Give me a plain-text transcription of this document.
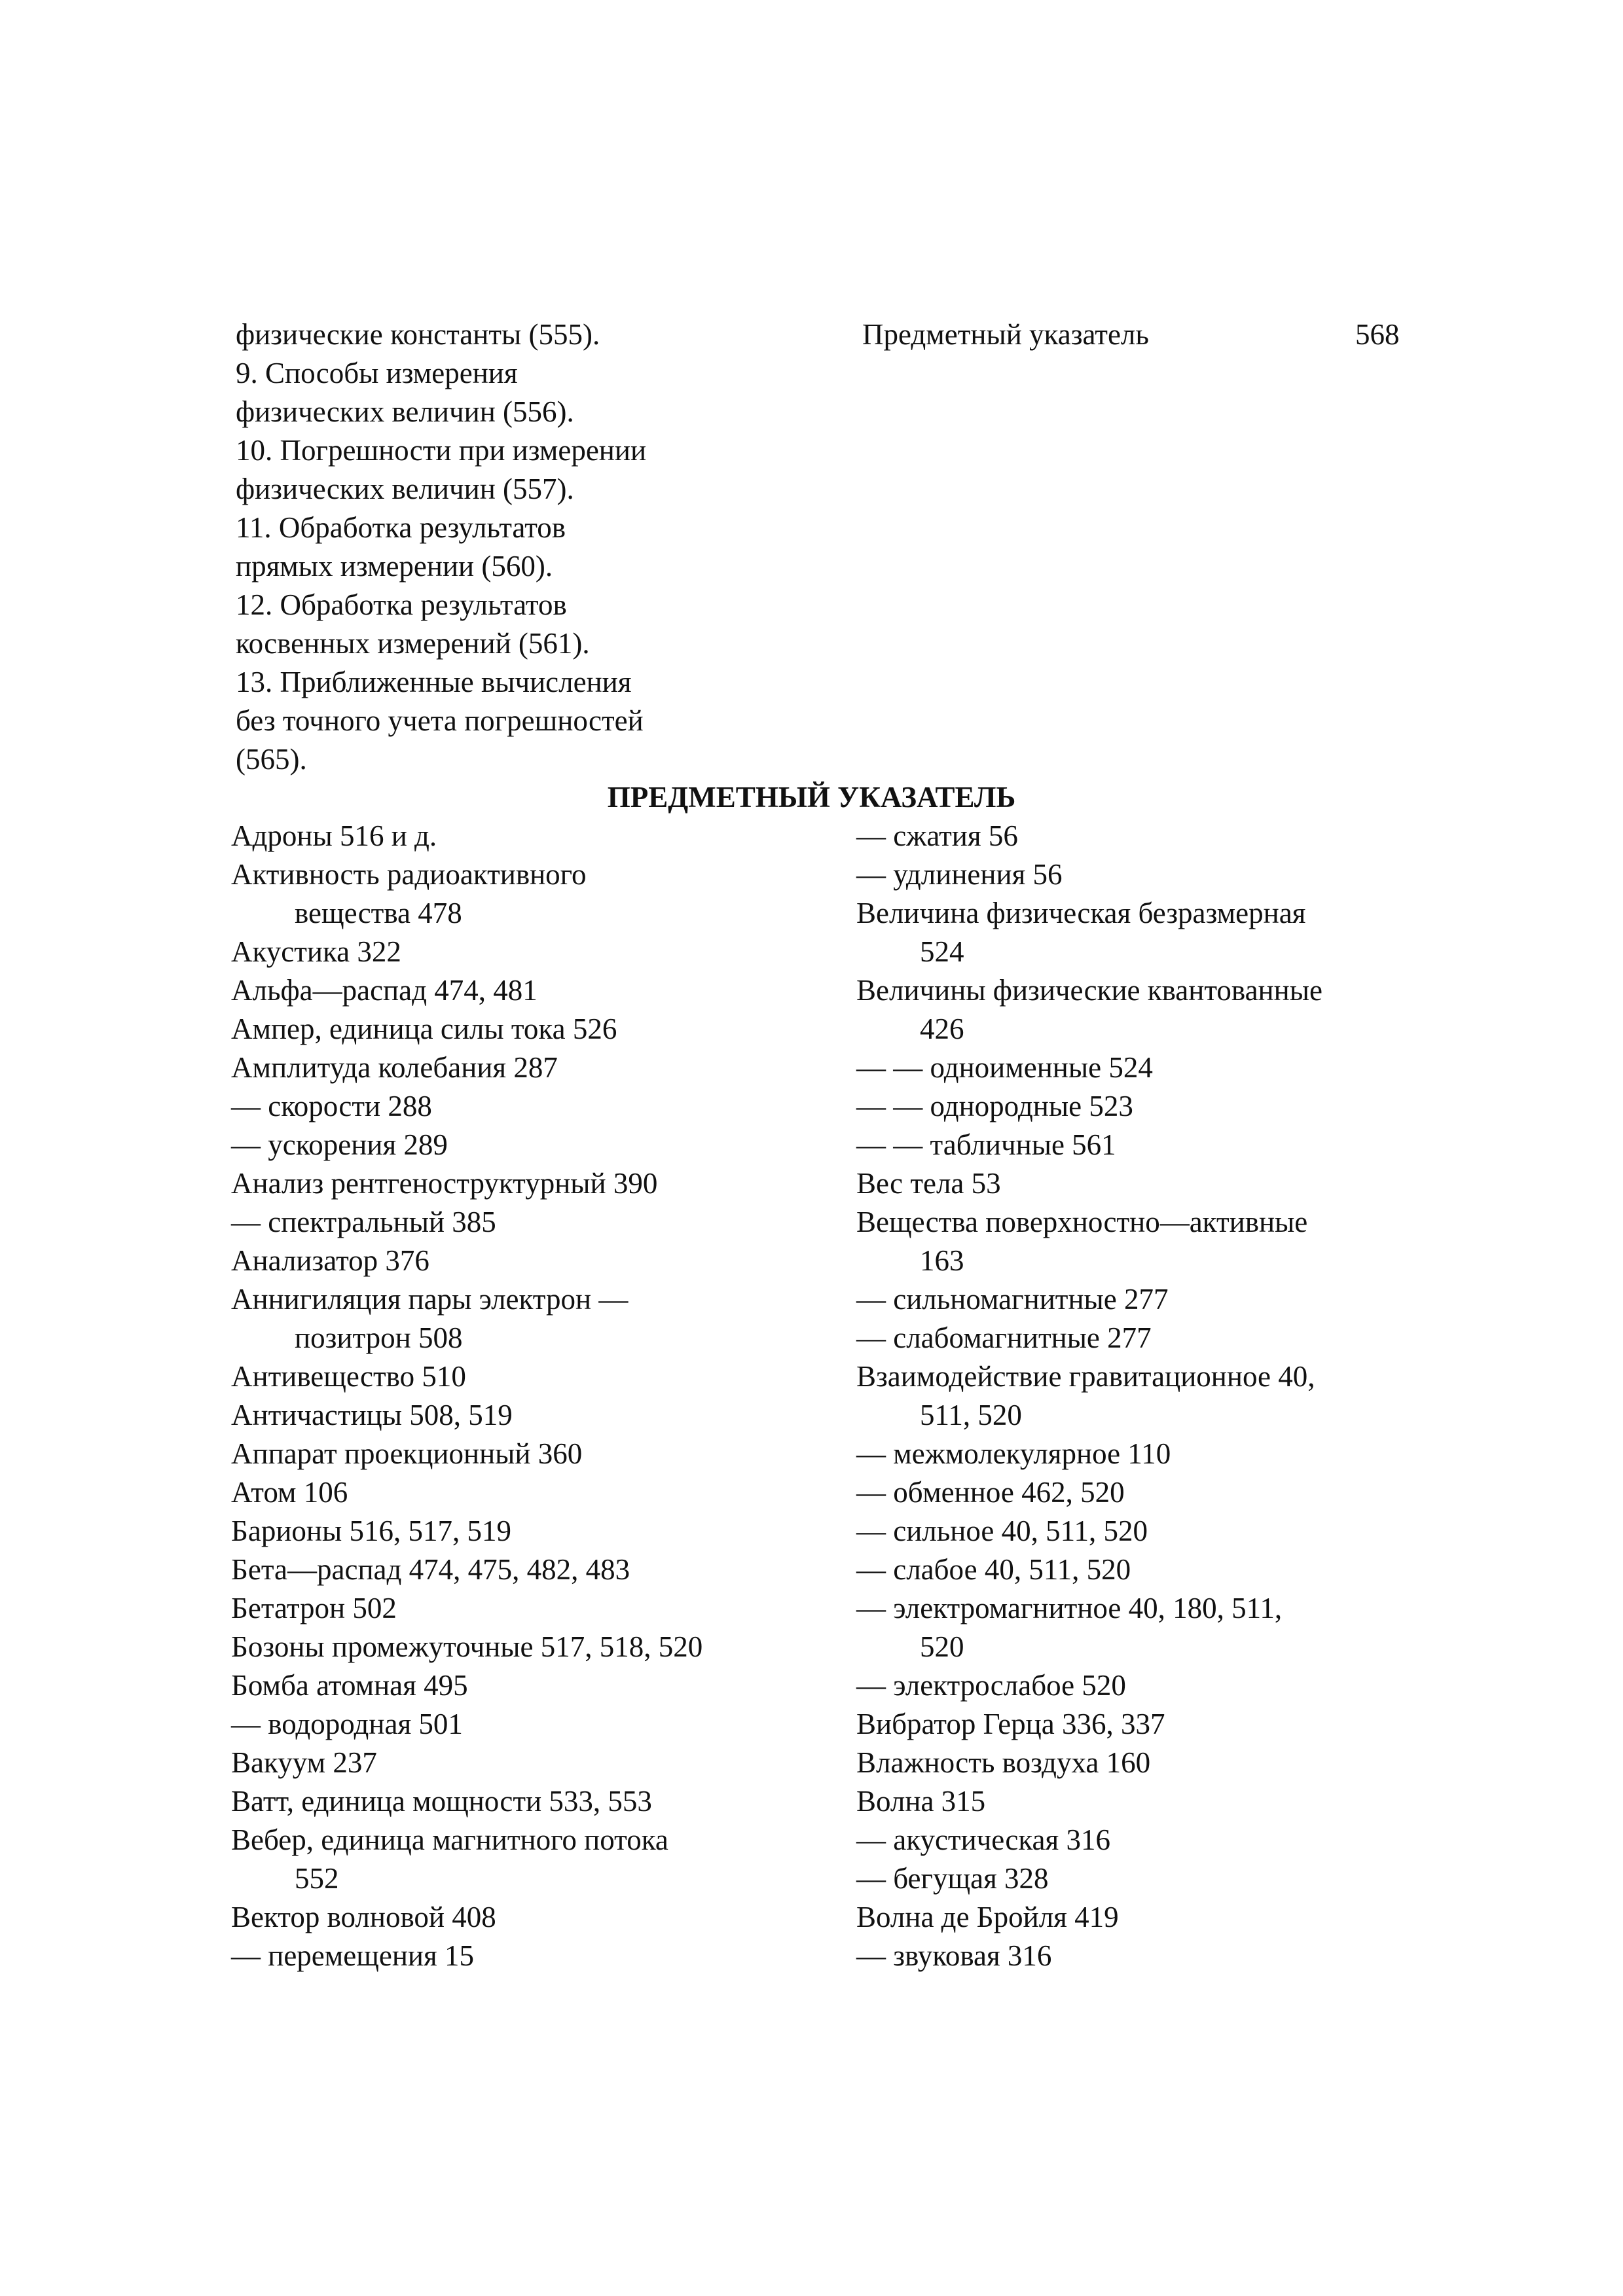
Предметный указатель	568
физические константы (555).
9. Способы измерения
физических величин (556).
10. Погрешности при измерении
физических величин (557).
11. Обработка результатов
прямых измерении (560).
12. Обработка результатов
косвенных измерений (561).
13. Приближенные вычисления
без точного учета погрешностей
(565).
ПРЕДМЕТНЫЙ УКАЗАТЕЛЬ
Адроны 516 и д.
Активность радиоактивного
вещества 478
Акустика 322
Альфа—распад 474, 481
Ампер, единица силы тока 526
Амплитуда колебания 287
— скорости 288
— ускорения 289
Анализ рентгеноструктурный 390
— спектральный 385
Анализатор 376
Аннигиляция пары электрон —
позитрон 508
Антивещество 510
Античастицы 508, 519
Аппарат проекционный 360
Атом 106
Барионы 516, 517, 519
Бета—распад 474, 475, 482, 483
Бетатрон 502
Бозоны промежуточные 517, 518, 520
Бомба атомная 495
— водородная 501
Вакуум 237
Ватт, единица мощности 533, 553
Вебер, единица магнитного потока
552
Вектор волновой 408
— перемещения 15
— сжатия 56
— удлинения 56
Величина физическая безразмерная
524
Величины физические квантованные
426
— — одноименные 524
— — однородные 523
— — табличные 561
Вес тела 53
Вещества поверхностно—активные
163
— сильномагнитные 277
— слабомагнитные 277
Взаимодействие гравитационное 40,
511, 520
— межмолекулярное 110
— обменное 462, 520
— сильное 40, 511, 520
— слабое 40, 511, 520
— электромагнитное 40, 180, 511,
520
— электрослабое 520
Вибратор Герца 336, 337
Влажность воздуха 160
Волна 315
— акустическая 316
— бегущая 328
Волна де Бройля 419
— звуковая 316
